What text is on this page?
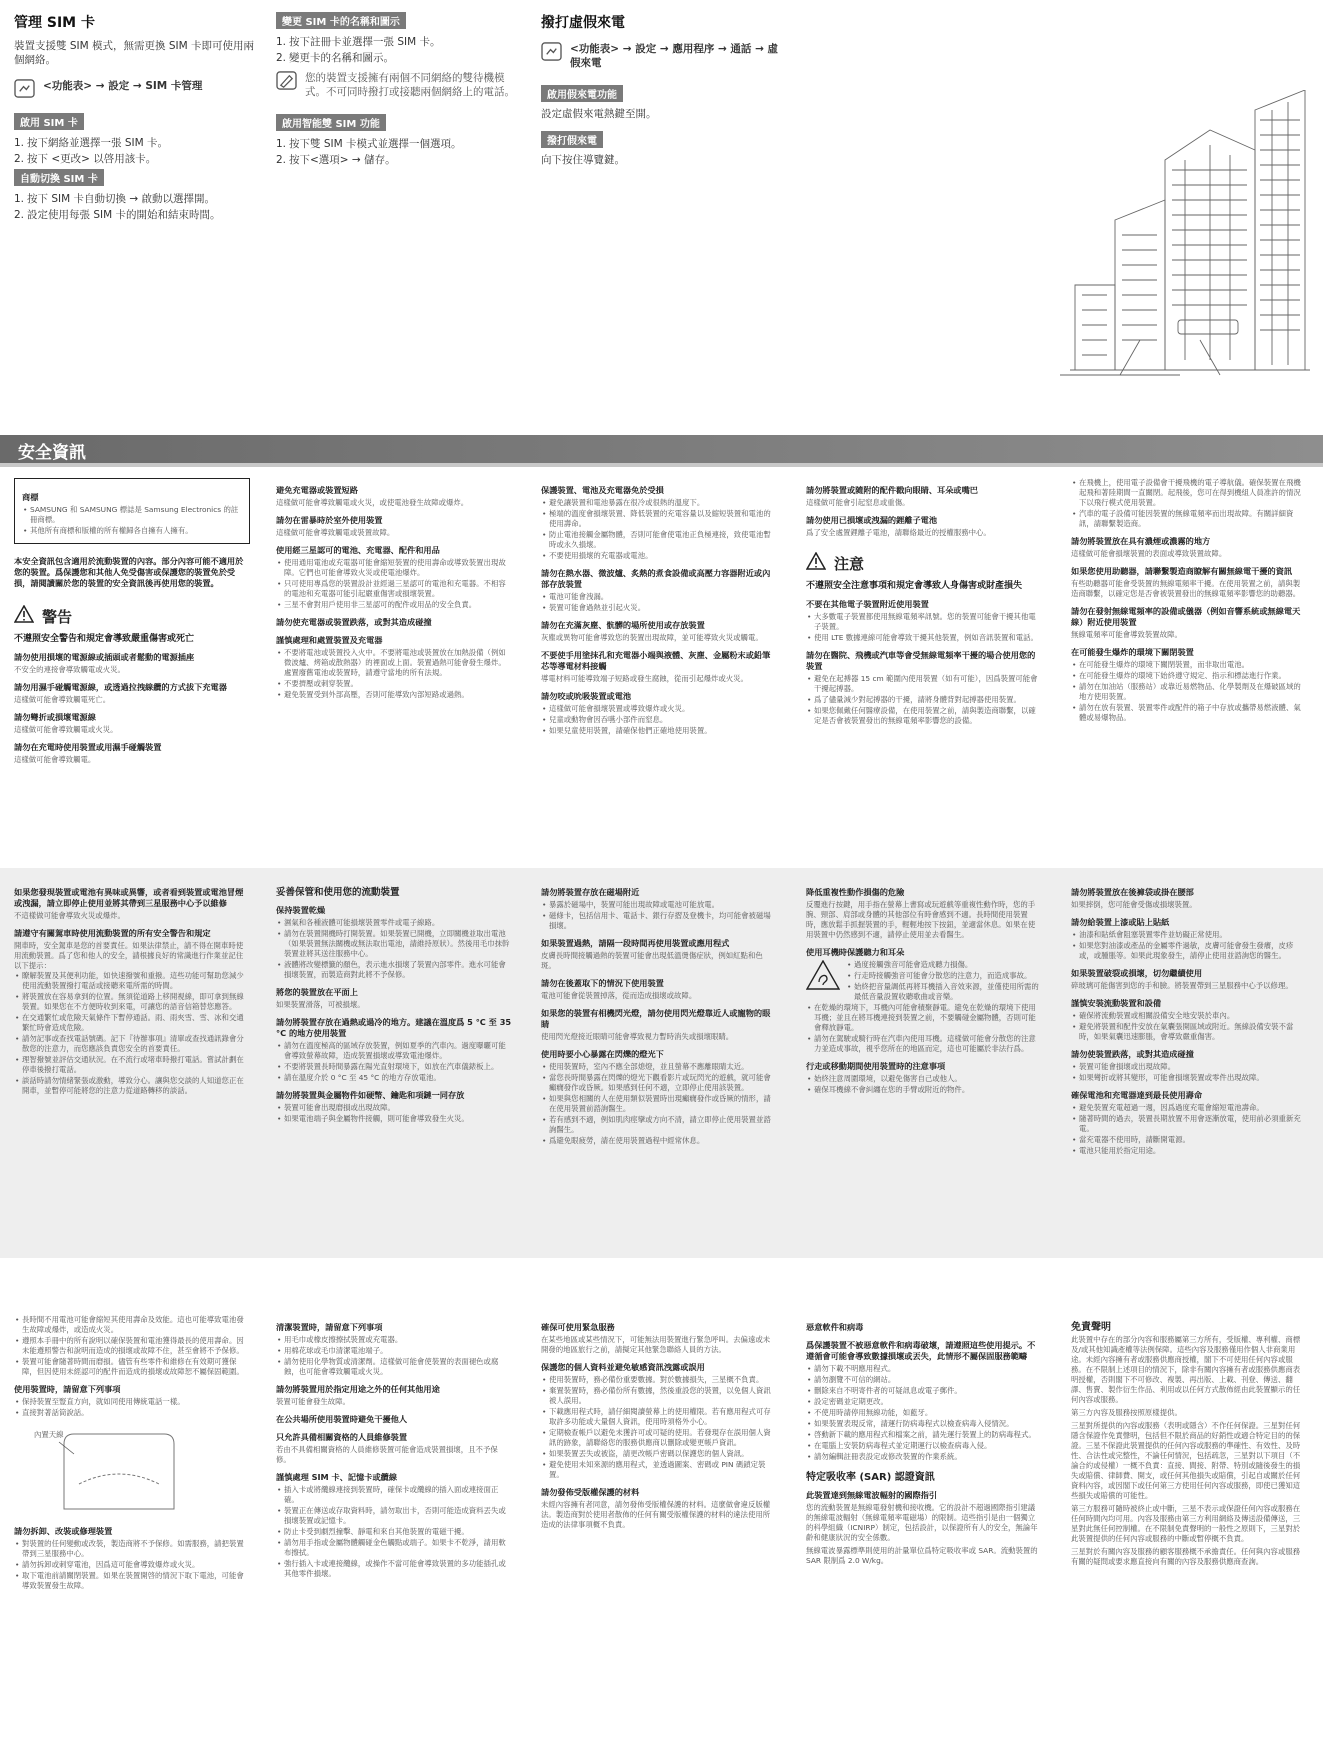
管理 SIM 卡
裝置支援雙 SIM 模式，無需更換 SIM 卡即可使用兩個網絡。
<功能表> → 設定 → SIM 卡管理
啟用 SIM 卡
1. 按下網絡並選擇一張 SIM 卡。
2. 按下 <更改> 以啓用該卡。
自動切換 SIM 卡
1. 按下 SIM 卡自動切換 → 啟動以選擇開。
2. 設定使用每張 SIM 卡的開始和結束時間。
變更 SIM 卡的名稱和圖示
1. 按下註冊卡並選擇一張 SIM 卡。
2. 變更卡的名稱和圖示。
您的裝置支援擁有兩個不同網絡的雙待機模式。不可同時撥打或接聽兩個網絡上的電話。
啟用智能雙 SIM 功能
1. 按下雙 SIM 卡模式並選擇一個選項。
2. 按下<選項> → 儲存。
撥打虛假來電
<功能表> → 設定 → 應用程序 → 通話 → 虛假來電
啟用假來電功能
設定虛假來電熱鍵至開。
撥打假來電
向下按住導覽鍵。
安全資訊
商標
• SAMSUNG 和 SAMSUNG 標誌是 Samsung Electronics 的註冊商標。
• 其他所有商標和版權的所有權歸各自擁有人擁有。
本安全資訊包含適用於流動裝置的內容。部分內容可能不適用於您的裝置。爲保護您和其他人免受傷害或保護您的裝置免於受損，請閱讀關於您的裝置的安全資訊後再使用您的裝置。
警告
不遵照安全警告和規定會導致嚴重傷害或死亡
請勿使用損壞的電源線或插頭或者鬆動的電源插座
不安全的連接會導致觸電或火災。
請勿用濕手碰觸電源線，或透過拉拽線纜的方式拔下充電器
這樣做可能會導致觸電死亡。
請勿彎折或損壞電源線
這樣做可能會導致觸電或火災。
請勿在充電時使用裝置或用濕手碰觸裝置
這樣做可能會導致觸電。
避免充電器或裝置短路
這樣做可能會導致觸電或火災，或使電池發生故障或爆炸。
請勿在雷暴時於室外使用裝置
這樣做可能會導致觸電或裝置故障。
使用經三星認可的電池、充電器、配件和用品
• 使用通用電池或充電器可能會縮短裝置的使用壽命或導致裝置出現故障。它們也可能會導致火災或使電池爆炸。
• 只可使用專爲您的裝置設計並經過三星認可的電池和充電器。不相容的電池和充電器可能引起嚴重傷害或損壞裝置。
• 三星不會對用戶使用非三星認可的配件或用品的安全負責。
請勿使充電器或裝置跌落，或對其造成碰撞
謹慎處理和處置裝置及充電器
• 不要將電池或裝置投入火中。不要將電池或裝置放在加熱設備（例如微波爐、烤箱或散熱器）的裡面或上面。裝置過熱可能會發生爆炸。處置廢舊電池或裝置時，請遵守當地的所有法規。
• 不要擠壓或刺穿裝置。
• 避免裝置受到外部高壓，否則可能導致內部短路或過熱。
保護裝置、電池及充電器免於受損
• 避免讓裝置和電池暴露在很冷或很熱的溫度下。
• 極端的溫度會損壞裝置、降低裝置的充電容量以及縮短裝置和電池的使用壽命。
• 防止電池接觸金屬物體，否則可能會使電池正負極連接，致使電池暫時或永久損壞。
• 不要使用損壞的充電器或電池。
請勿在熱水器、微波爐、炙熱的煮食設備或高壓力容器附近或內部存放裝置
• 電池可能會洩漏。
• 裝置可能會過熱並引起火災。
請勿在充滿灰塵、骯髒的場所使用或存放裝置
灰塵或異物可能會導致您的裝置出現故障，並可能導致火災或觸電。
不要使手用塗抹孔和充電器小端與液體、灰塵、金屬粉末或鉛筆芯等導電材料接觸
導電材料可能導致端子短路或發生腐蝕，從而引起爆炸或火災。
請勿咬或吮吸裝置或電池
• 這樣做可能會損壞裝置或導致爆炸或火災。
• 兒童或動物會因吞嚥小部件而窒息。
• 如果兒童使用裝置，請確保他們正確地使用裝置。
請勿將裝置或隨附的配件戳向眼睛、耳朵或嘴巴
這樣做可能會引起窒息或重傷。
請勿使用已損壞或洩漏的鋰離子電池
爲了安全處置鋰離子電池，請聯絡最近的授權服務中心。
注意
不遵照安全注意事項和規定會導致人身傷害或財產損失
不要在其他電子裝置附近使用裝置
• 大多數電子裝置都使用無線電頻率訊號。您的裝置可能會干擾其他電子裝置。
• 使用 LTE 數據連線可能會導致干擾其他裝置，例如音訊裝置和電話。
請勿在醫院、飛機或汽車等會受無線電頻率干擾的場合使用您的裝置
• 避免在起搏器 15 cm 範圍內使用裝置（如有可能），因爲裝置可能會干擾起搏器。
• 爲了儘量減少對起搏器的干擾，請將身體背對起搏器使用裝置。
• 如果您佩戴任何醫療設備，在使用裝置之前，請與製造商聯繫，以確定是否會被裝置發出的無線電頻率影響您的設備。
• 在飛機上，使用電子設備會干擾飛機的電子導航儀。確保裝置在飛機起飛和著陸期間一直關閉。起飛後，您可在得到機組人員准許的情況下以飛行模式使用裝置。
• 汽車的電子設備可能因裝置的無線電頻率而出現故障。有關詳細資訊，請聯繫製造商。
請勿將裝置放在具有濃煙或濃霧的地方
這樣做可能會損壞裝置的表面或導致裝置故障。
如果您使用助聽器，請聯繫製造商瞭解有關無線電干擾的資訊
有些助聽器可能會受裝置的無線電頻率干擾。在使用裝置之前，請與製造商聯繫，以確定您是否會被裝置發出的無線電頻率影響您的助聽器。
請勿在發射無線電頻率的設備或儀器（例如音響系統或無線電天線）附近使用裝置
無線電頻率可能會導致裝置故障。
在可能發生爆炸的環境下關閉裝置
• 在可能發生爆炸的環境下關閉裝置，而非取出電池。
• 在可能發生爆炸的環境下始終遵守規定、指示和標誌進行作業。
• 請勿在加油站（服務站）或靠近易燃物品、化學製劑及在爆破區域的地方使用裝置。
• 請勿在放有裝置、裝置零件或配件的箱子中存放或攜帶易燃液體、氣體或易爆物品。
如果您發現裝置或電池有異味或異響，或者看到裝置或電池冒煙或洩漏，請立即停止使用並將其帶到三星服務中心予以維修
不這樣做可能會導致火災或爆炸。
請遵守有關駕車時使用流動裝置的所有安全警告和規定
開車時，安全駕車是您的首要責任。如果法律禁止，請不得在開車時使用流動裝置。爲了您和他人的安全，請根據良好的常識進行作業並記住以下提示：
• 瞭解裝置及其便利功能，如快速撥號和重撥。這些功能可幫助您減少使用流動裝置撥打電話或接聽來電所需的時間。
• 將裝置放在容易拿到的位置。無須從道路上移開視線，即可拿到無線裝置。如果您在不方便時收到來電，可讓您的語音信箱替您應答。
• 在交通繁忙或危險天氣條件下暫停通話。雨、雨夾雪、雪、冰和交通繁忙時會造成危險。
• 請勿記事或查找電話號碼。記下『待辦事項』清單或查找通訊錄會分散您的注意力，而您應該負責您安全的首要責任。
• 理智撥號並評估交通狀況。在不流行或堵車時撥打電話。嘗試計劃在停車後撥打電話。
• 談話時請勿情緒緊張或激動，導致分心。讓與您交談的人知道您正在開車，並暫停可能將您的注意力從道路轉移的談話。
妥善保管和使用您的流動裝置
保持裝置乾燥
• 濕氣和各種液體可能損壞裝置零件或電子線路。
• 請勿在裝置開機時打開裝置。如果裝置已開機，立即關機並取出電池（如果裝置無法關機或無法取出電池，請維持原狀）。然後用毛巾抹幹裝置並將其送往服務中心。
• 液體將改變標籤的顏色，表示進水損壞了裝置內部零件。進水可能會損壞裝置，而製造商對此將不予保修。
將您的裝置放在平面上
如果裝置滑落，可被損壞。
請勿將裝置存放在過熱或過冷的地方。建議在溫度爲 5 °C 至 35 °C 的地方使用裝置
• 請勿在溫度極高的區域存放裝置，例如夏季的汽車內。過度曝曬可能會導致螢幕故障，造成裝置損壞或導致電池爆炸。
• 不要將裝置長時間暴露在陽光直射環境下，如放在汽車儀錶板上。
• 請在溫度介於 0 °C 至 45 °C 的地方存放電池。
請勿將裝置與金屬物件如硬幣、鑰匙和項鏈一同存放
• 裝置可能會出現磨損或出現故障。
• 如果電池端子與金屬物件接觸，則可能會導致發生火災。
請勿將裝置存放在磁場附近
• 暴露於磁場中，裝置可能出現故障或電池可能放電。
• 磁條卡，包括信用卡、電話卡、銀行存摺及登機卡，均可能會被磁場損壞。
如果裝置過熱，請隔一段時間再使用裝置或應用程式
皮膚長時間接觸過熱的裝置可能會出現低溫燙傷症狀，例如紅點和色斑。
請勿在後蓋取下的情況下使用裝置
電池可能會從裝置掉落，從而造成損壞或故障。
如果您的裝置有相機閃光燈，請勿使用閃光燈靠近人或寵物的眼睛
使用閃光燈接近眼睛可能會導致視力暫時消失或損壞眼睛。
使用時要小心暴露在閃爍的燈光下
• 使用裝置時，室內不應全部熄燈，並且螢幕不應離眼睛太近。
• 當您長時間暴露在閃爍的燈光下觀看影片或玩閃光的遊戲，就可能會癲癇發作或昏厥。如果感到任何不適，立即停止使用該裝置。
• 如果與您相關的人在使用類似裝置時出現癲癇發作或昏厥的情形，請在使用裝置前諮詢醫生。
• 若有感到不適，例如肌肉痙攣或方向不清，請立即停止使用裝置並諮詢醫生。
• 爲避免眼疲勞，請在使用裝置過程中經常休息。
降低重複性動作損傷的危險
反覆進行按鍵，用手指在螢幕上書寫或玩遊戲等重複性動作時，您的手腕、頸部、肩部或身體的其他部位有時會感到不適。長時間使用裝置時，應放鬆手抓握裝置的手，輕輕地按下按鈕，並適當休息。如果在使用裝置中仍然感到不適，請停止使用並去看醫生。
使用耳機時保護聽力和耳朵
• 過度接觸強音可能會造成聽力損傷。
• 行走時接觸強音可能會分散您的注意力，而造成事故。
• 始終把音量調低再將耳機插入音效來源，並僅使用所需的最低音量設置收聽歌曲或音樂。
• 在乾燥的環境下，耳機內可能會積聚靜電。避免在乾燥的環境下使用耳機；並且在將耳機連接到裝置之前，不要觸碰金屬物體，否則可能會釋放靜電。
• 請勿在駕駛或騎行時在汽車內使用耳機。這樣做可能會分散您的注意力並造成事故，視乎您所在的地區而定，這也可能屬於非法行爲。
行走或移動期間使用裝置時的注意事項
• 始終注意周圍環境，以避免傷害自己或他人。
• 確保耳機線不會糾纏在您的手臂或附近的物件。
請勿將裝置放在後褲袋或掛在腰部
如果摔倒，您可能會受傷或損壞裝置。
請勿給裝置上漆或貼上貼紙
• 油漆和貼紙會阻塞裝置零件並妨礙正常使用。
• 如果您對油漆或產品的金屬零件過敏，皮膚可能會發生發癢，皮疹或，或腫脹等。如果此現象發生，請停止使用並諮詢您的醫生。
如果裝置破裂或損壞，切勿繼續使用
碎玻璃可能傷害到您的手和臉。將裝置帶到三星服務中心予以修理。
謹慎安裝流動裝置和設備
• 確保將流動裝置或相關設備安全地安裝於車內。
• 避免將裝置和配件安放在氣囊張開區域或附近。無線設備安裝不當時，如果氣囊迅速膨脹，會導致嚴重傷害。
請勿使裝置跌落，或對其造成碰撞
• 裝置可能會損壞或出現故障。
• 如果彎折或將其變形，可能會損壞裝置或零件出現故障。
確保電池和充電器達到最長使用壽命
• 避免裝置充電超過一週，因爲過度充電會縮短電池壽命。
• 隨著時間的過去，裝置長期放置不用會逐漸放電，使用前必須重新充電。
• 當充電器不使用時，請斷開電源。
• 電池只能用於指定用途。
• 長時間不用電池可能會縮短其使用壽命及效能。這也可能導致電池發生故障或爆炸，或造成火災。
• 遵照本手冊中的所有說明以確保裝置和電池獲得最長的使用壽命。因未能遵照警告和說明而造成的損壞或故障不住，甚至會將不予保修。
• 裝置可能會隨著時間而磨損。儘管有些零件和維修在有效期可獲保障，但因使用未經認可的配件而造成的損壞或故障恕不屬保固範圍。
使用裝置時，請留意下列事項
• 保持裝置至豎直方向，就如同使用傳統電話一樣。
• 直接對著話筒說話。
內置天線
請勿拆卸、改裝或修理裝置
• 對裝置的任何變動或改裝，製造商將不予保修。如需服務，請把裝置帶到三星服務中心。
• 請勿拆卸或刺穿電池，因爲這可能會導致爆炸或火災。
• 取下電池前請關閉裝置。如果在裝置開啓的情況下取下電池，可能會導致裝置發生故障。
清潔裝置時，請留意下列事項
• 用毛巾或橡皮擦擦拭裝置或充電器。
• 用棉花球或毛巾清潔電池端子。
• 請勿使用化學物質或清潔劑。這樣做可能會使裝置的表面褪色或腐蝕，也可能會導致觸電或火災。
請勿將裝置用於指定用途之外的任何其他用途
裝置可能會發生故障。
在公共場所使用裝置時避免干擾他人
只允許具備相關資格的人員維修裝置
若由不具備相關資格的人員維修裝置可能會造成裝置損壞，且不予保修。
謹慎處理 SIM 卡、記憶卡或纜線
• 插入卡或將纜線連接到裝置時，確保卡或纜線的插入面或連接面正確。
• 裝置正在傳送或存取資料時，請勿取出卡，否則可能造成資料丟失或損壞裝置或記憶卡。
• 防止卡受到劇烈撞擊、靜電和來自其他裝置的電磁干擾。
• 請勿用手指或金屬物體觸碰金色觸點或端子。如果卡不乾淨，請用軟布擦拭。
• 強行插入卡或連接纜線，或操作不當可能會導致裝置的多功能插孔或其他零件損壞。
確保可使用緊急服務
在某些地區或某些情況下，可能無法用裝置進行緊急呼叫。去偏遠或未開發的地區旅行之前，請擬定其他緊急聯絡人員的方法。
保護您的個人資料並避免敏感資訊洩露或誤用
• 使用裝置時，務必備份重要數據。對於數據損失，三星概不負責。
• 棄置裝置時，務必備份所有數據，然後重設您的裝置，以免個人資訊被人誤用。
• 下載應用程式時，請仔細閱讀螢幕上的使用權限。若有應用程式可存取許多功能或大量個人資訊，使用時須格外小心。
• 定期檢查帳戶以避免未獲許可或可疑的使用。若發現存在誤用個人資訊的跡象，請聯絡您的服務供應商以刪除或變更帳戶資訊。
• 如果裝置丟失或被盜，請更改帳戶密碼以保護您的個人資訊。
• 避免使用未知來源的應用程式，並透過圖案、密碼或 PIN 碼鎖定裝置。
請勿發佈受版權保護的材料
未經內容擁有者同意，請勿發佈受版權保護的材料。這麼做會違反版權法。製造商對於使用者散佈的任何有關受版權保護的材料的違法使用所造成的法律事項概不負責。
惡意軟件和病毒
爲保護裝置不被惡意軟件和病毒破壞，請遵照這些使用提示。不遵循會可能會導致數據損壞或丟失，此情形不屬保固服務範疇
• 請勿下載不明應用程式。
• 請勿瀏覽不可信的網站。
• 刪除來自不明寄件者的可疑訊息或電子郵件。
• 設定密碼並定期更改。
• 不使用時請停用無線功能，如藍牙。
• 如果裝置表現反常，請運行防病毒程式以檢查病毒入侵情況。
• 啓動新下載的應用程式和檔案之前，請先運行裝置上的防病毒程式。
• 在電腦上安裝防病毒程式並定期運行以檢查病毒入侵。
• 請勿編輯註冊表設定或修改裝置的作業系統。
特定吸收率 (SAR) 認證資訊
此裝置達到無線電波輻射的國際指引
您的流動裝置是無線電發射機和接收機。它的設計不超過國際指引建議的無線電波輻射（無線電頻率電磁場）的限制。這些指引是由一個獨立的科學組織（ICNIRP）制定，包括設計，以保證所有人的安全，無論年齡和健康狀況的安全係數。
無線電波暴露標準則使用的計量單位爲特定吸收率或 SAR。流動裝置的 SAR 限制爲 2.0 W/kg。
免責聲明
此裝置中存在的部分內容和服務屬第三方所有，受版權、專利權、商標及/或其他知識產權等法例保障。這些內容及服務僅用作個人非商業用途。未經內容擁有者或服務供應商授權，閣下不可使用任何內容或服務。在不限制上述項目的情況下，除非有關內容擁有者或服務供應商表明授權，否則閣下不可修改、複製、再出版、上載、刊登、傳送、翻譯、售賣、製作衍生作品、利用或以任何方式散佈經由此裝置顯示的任何內容或服務。
第三方內容及服務按照原樣提供。
三星對所提供的內容或服務（表明或隱含）不作任何保證。三星對任何隱含保證作免責聲明，包括但不限於商品的好銷性或適合特定目的的保證。三星不保證此裝置提供的任何內容或服務的準確性、有效性、及時性、合法性或完整性，不論任何情況，包括疏忽，三星對以下項目（不論合約或侵權）一概不負責：直接、間接、附帶、特別或隨後發生的損失或賠償、律師費、開支，或任何其他損失或賠償，引起自或關於任何資料內容，或因閣下或任何第三方使用任何內容或服務，即使已獲知這些損失或賠償的可能性。
第三方服務可隨時被終止或中斷，三星不表示或保證任何內容或服務在任何時間內均可用。內容及服務由第三方利用網絡及傳送設備傳送，三星對此無任何控制權。在不限制免責聲明的一般性之原則下，三星對於此裝置提供的任何內容或服務的中斷或暫停概不負責。
三星對於有關內容及服務的顧客服務概不承擔責任。任何與內容或服務有關的疑問或要求應直接向有關的內容及服務供應商查詢。
